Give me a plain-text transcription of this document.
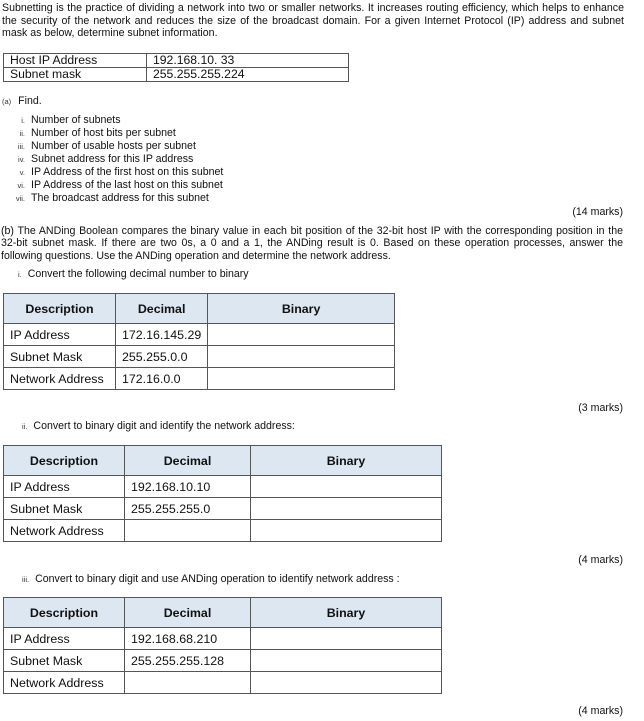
Subnetting is the practice of dividing a network into two or smaller networks. It increases routing efficiency, which helps to enhance the security of the network and reduces the size of the broadcast domain. For a given Internet Protocol (IP) address and subnet mask as below, determine subnet information.
Host IP Address	192.168.10. 33
Subnet mask	255.255.255.224
(a) Find.
i. Number of subnets
ii. Number of host bits per subnet
iii. Number of usable hosts per subnet
iv. Subnet address for this IP address
v. IP Address of the first host on this subnet
vi. IP Address of the last host on this subnet
vii. The broadcast address for this subnet
(14 marks)
(b) The ANDing Boolean compares the binary value in each bit position of the 32-bit host IP with the corresponding position in the 32-bit subnet mask. If there are two 0s, a 0 and a 1, the ANDing result is 0. Based on these operation processes, answer the following questions. Use the ANDing operation and determine the network address.
i. Convert the following decimal number to binary
Description	Decimal	Binary
IP Address	172.16.145.29	
Subnet Mask	255.255.0.0	
Network Address	172.16.0.0	
(3 marks)
ii. Convert to binary digit and identify the network address:
Description	Decimal	Binary
IP Address	192.168.10.10	
Subnet Mask	255.255.255.0	
Network Address		
(4 marks)
iii. Convert to binary digit and use ANDing operation to identify network address :
Description	Decimal	Binary
IP Address	192.168.68.210	
Subnet Mask	255.255.255.128	
Network Address		
(4 marks)
